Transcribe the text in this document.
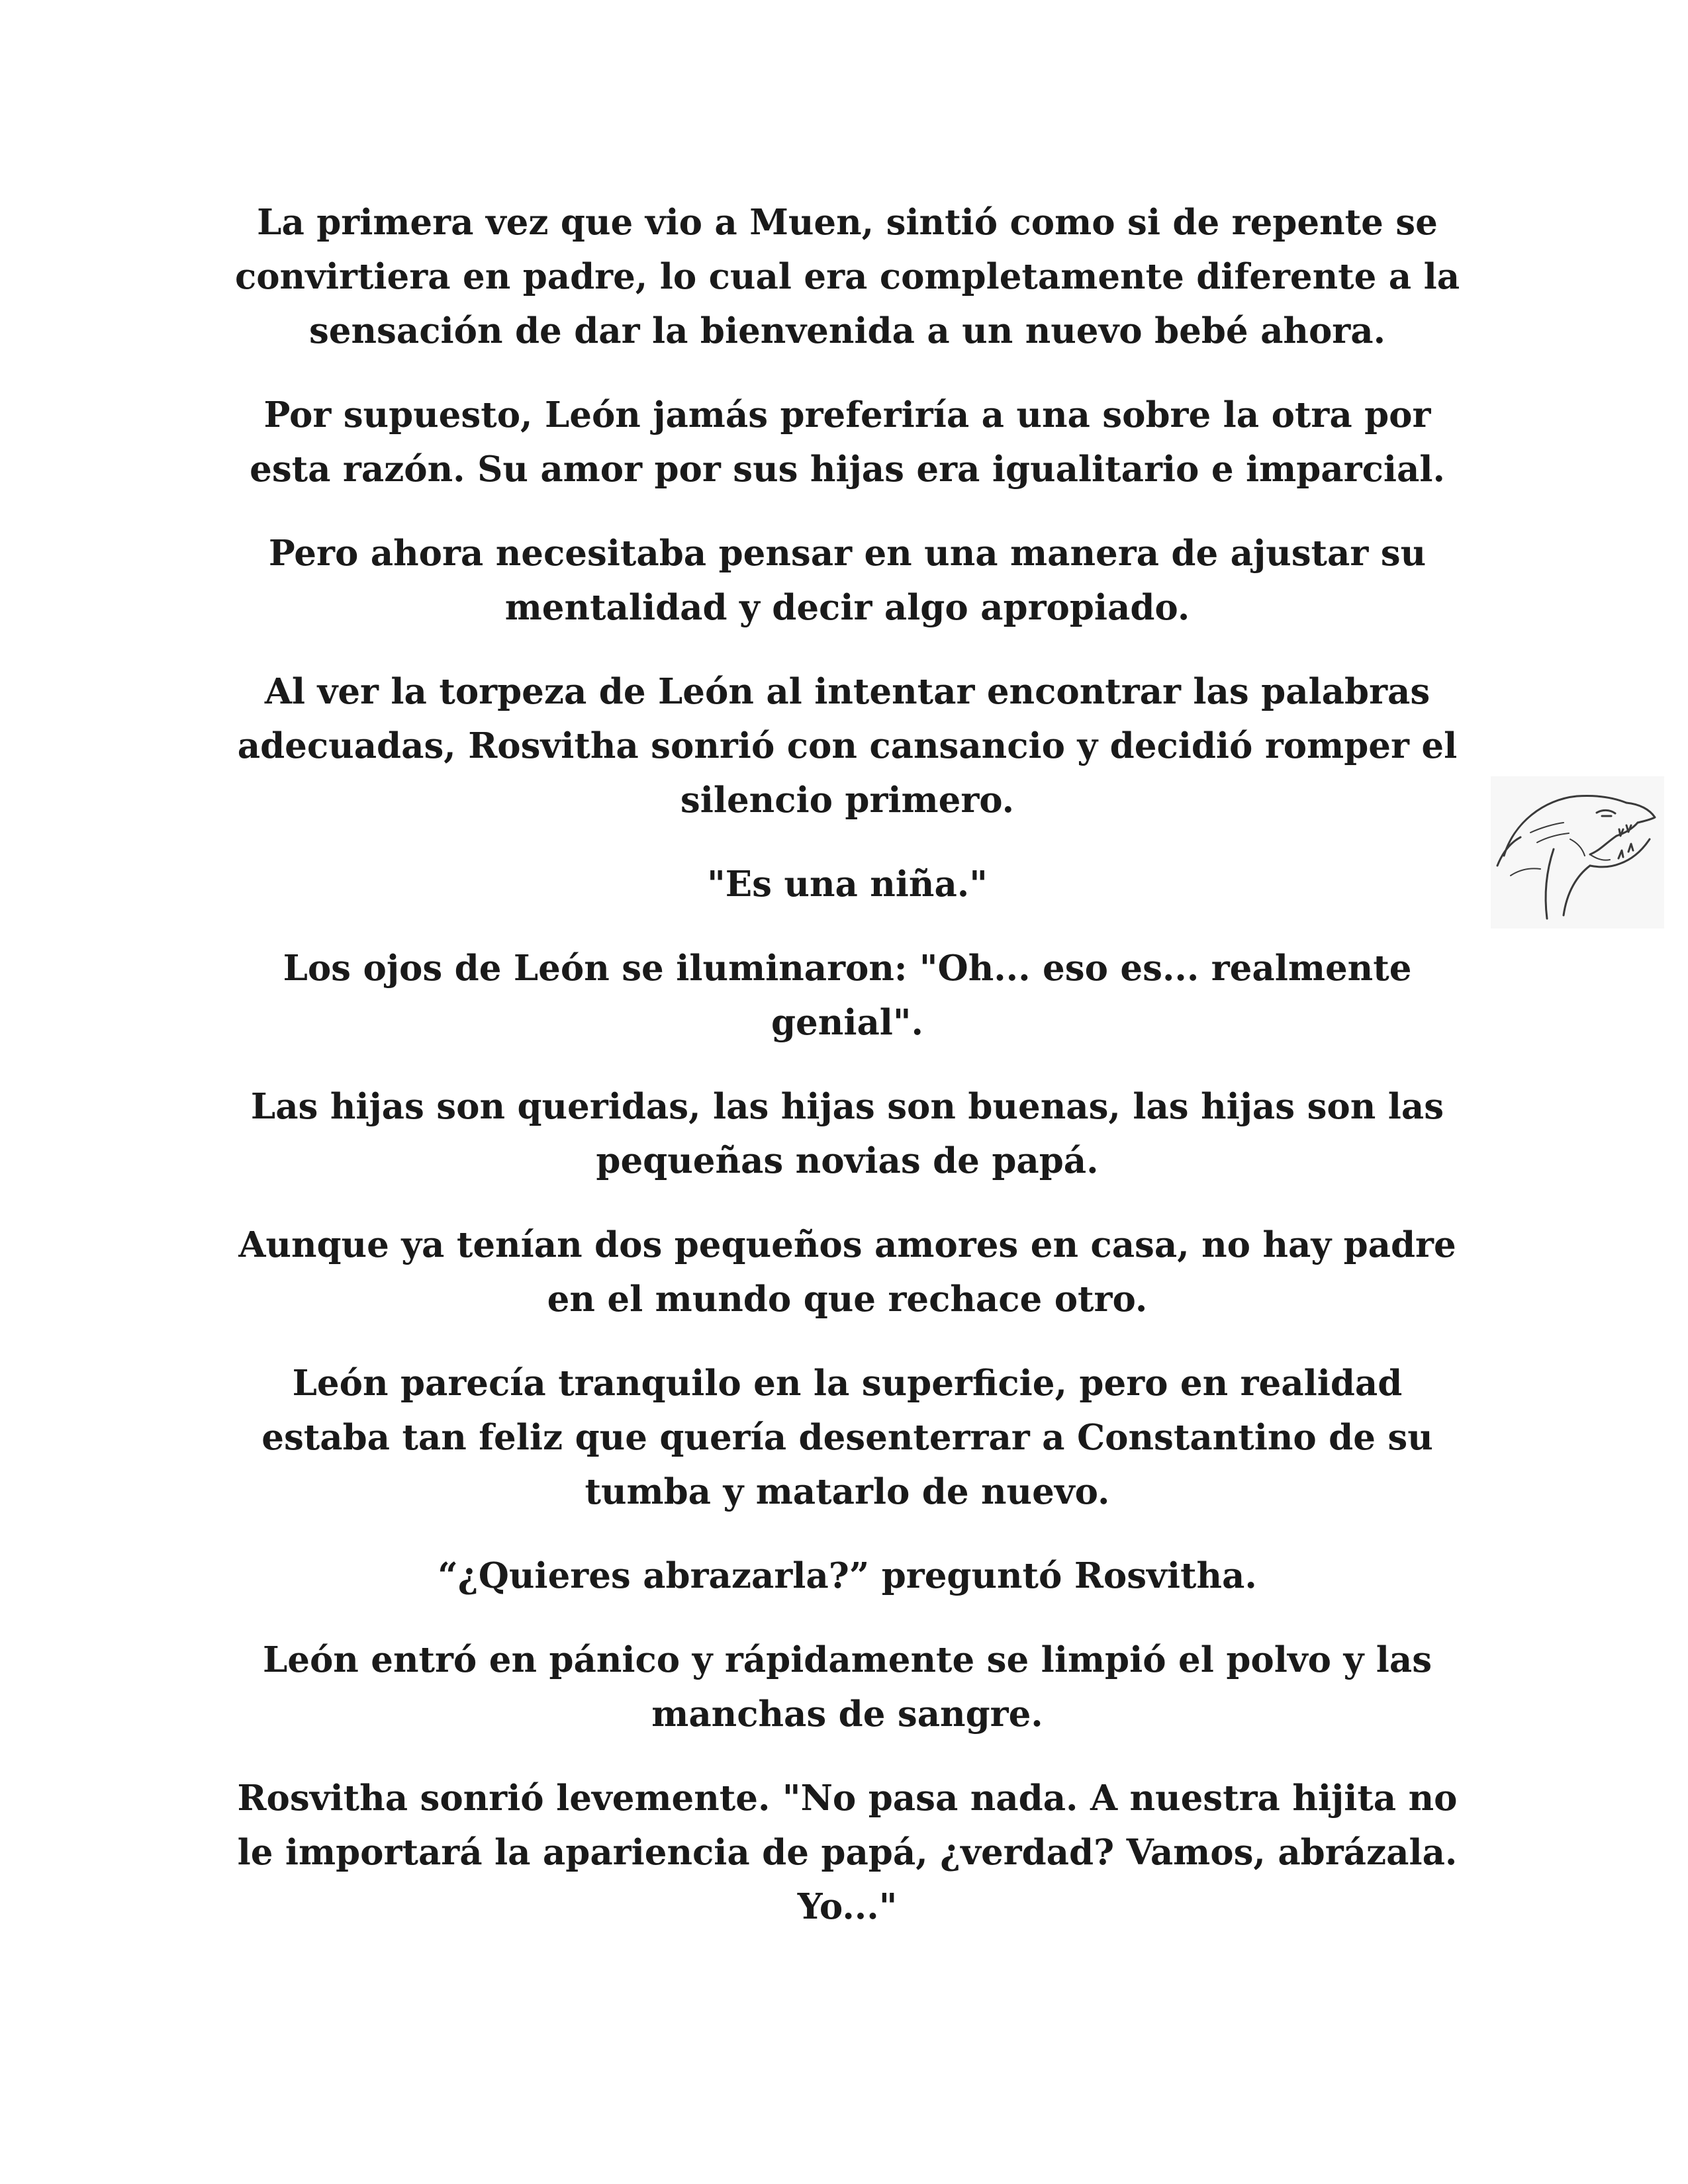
La primera vez que vio a Muen, sintió como si de repente se
convirtiera en padre, lo cual era completamente diferente a la
sensación de dar la bienvenida a un nuevo bebé ahora.

Por supuesto, León jamás preferiría a una sobre la otra por
esta razón. Su amor por sus hijas era igualitario e imparcial.

Pero ahora necesitaba pensar en una manera de ajustar su
mentalidad y decir algo apropiado.

Al ver la torpeza de León al intentar encontrar las palabras
adecuadas, Rosvitha sonrió con cansancio y decidió romper el
silencio primero.

"Es una niña."

Los ojos de León se iluminaron: "Oh... eso es... realmente
genial".

Las hijas son queridas, las hijas son buenas, las hijas son las
pequeñas novias de papá.

Aunque ya tenían dos pequeños amores en casa, no hay padre
en el mundo que rechace otro.

León parecía tranquilo en la superficie, pero en realidad
estaba tan feliz que quería desenterrar a Constantino de su
tumba y matarlo de nuevo.

“¿Quieres abrazarla?” preguntó Rosvitha.

León entró en pánico y rápidamente se limpió el polvo y las
manchas de sangre.

Rosvitha sonrió levemente. "No pasa nada. A nuestra hijita no
le importará la apariencia de papá, ¿verdad? Vamos, abrázala.
Yo..."
